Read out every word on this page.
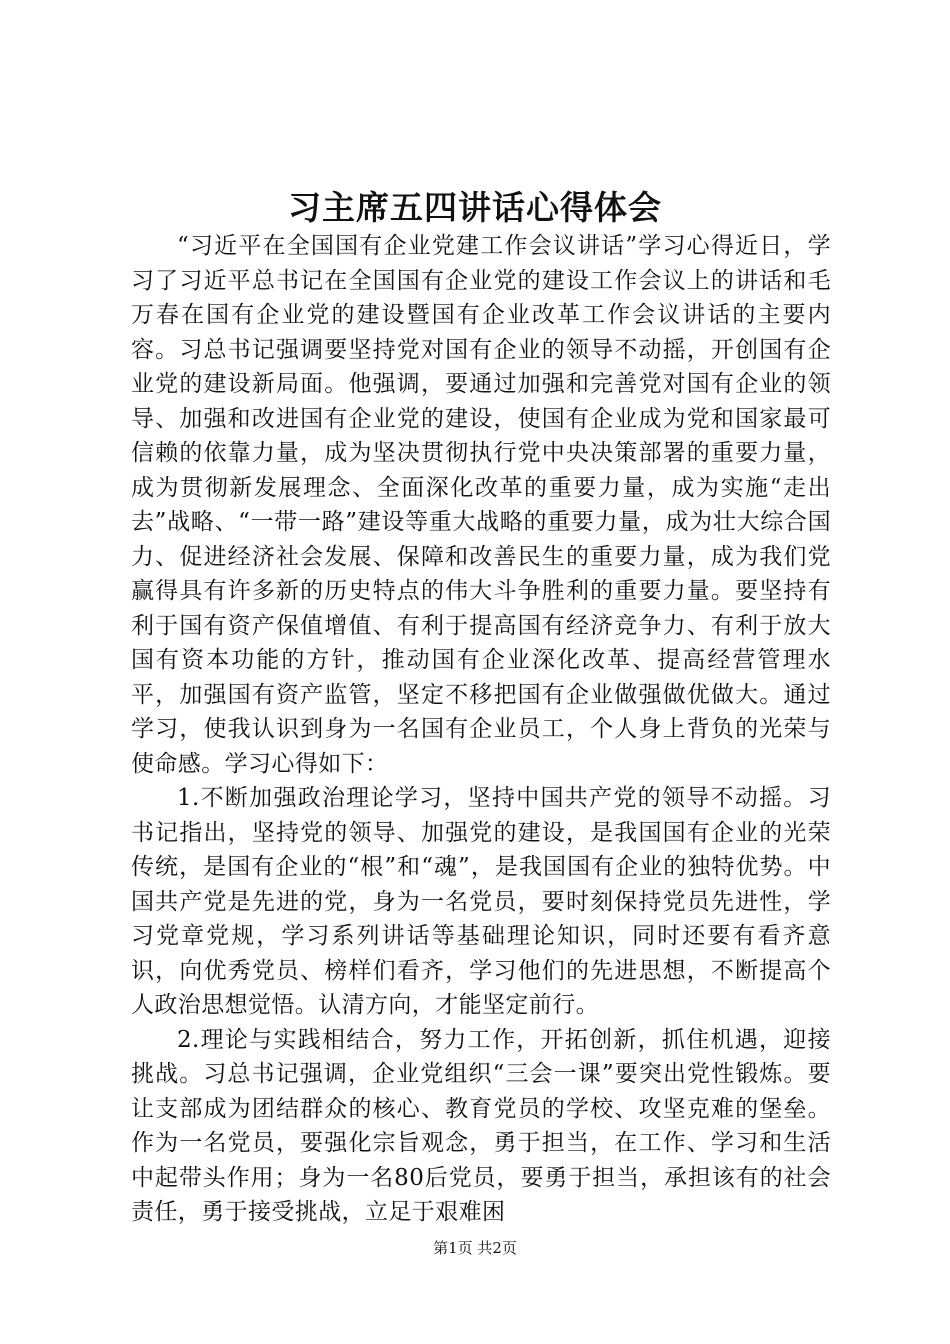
习主席五四讲话心得体会

“习近平在全国国有企业党建工作会议讲话”学习心得近日，学习了习近平总书记在全国国有企业党的建设工作会议上的讲话和毛万春在国有企业党的建设暨国有企业改革工作会议讲话的主要内容。习总书记强调要坚持党对国有企业的领导不动摇，开创国有企业党的建设新局面。他强调，要通过加强和完善党对国有企业的领导、加强和改进国有企业党的建设，使国有企业成为党和国家最可信赖的依靠力量，成为坚决贯彻执行党中央决策部署的重要力量，成为贯彻新发展理念、全面深化改革的重要力量，成为实施“走出去”战略、“一带一路”建设等重大战略的重要力量，成为壮大综合国力、促进经济社会发展、保障和改善民生的重要力量，成为我们党赢得具有许多新的历史特点的伟大斗争胜利的重要力量。要坚持有利于国有资产保值增值、有利于提高国有经济竞争力、有利于放大国有资本功能的方针，推动国有企业深化改革、提高经营管理水平，加强国有资产监管，坚定不移把国有企业做强做优做大。通过学习，使我认识到身为一名国有企业员工，个人身上背负的光荣与使命感。学习心得如下：

1.不断加强政治理论学习，坚持中国共产党的领导不动摇。习书记指出，坚持党的领导、加强党的建设，是我国国有企业的光荣传统，是国有企业的“根”和“魂”，是我国国有企业的独特优势。中国共产党是先进的党，身为一名党员，要时刻保持党员先进性，学习党章党规，学习系列讲话等基础理论知识，同时还要有看齐意识，向优秀党员、榜样们看齐，学习他们的先进思想，不断提高个人政治思想觉悟。认清方向，才能坚定前行。

2.理论与实践相结合，努力工作，开拓创新，抓住机遇，迎接挑战。习总书记强调，企业党组织“三会一课”要突出党性锻炼。要让支部成为团结群众的核心、教育党员的学校、攻坚克难的堡垒。作为一名党员，要强化宗旨观念，勇于担当，在工作、学习和生活中起带头作用；身为一名80后党员，要勇于担当，承担该有的社会责任，勇于接受挑战，立足于艰难困

第1页 共2页
